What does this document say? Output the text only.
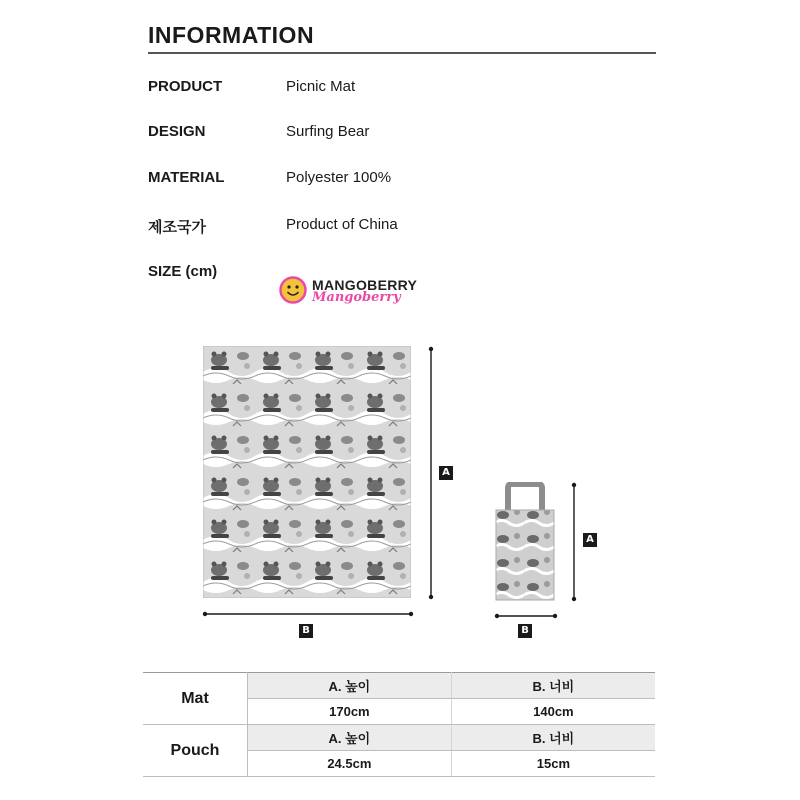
INFORMATION
PRODUCT	Picnic Mat
DESIGN	Surfing Bear
MATERIAL	Polyester 100%
제조국가	Product of China
SIZE (cm)
MANGOBERRY
Mangoberry
A
B
A
B
Mat	A. 높이	B. 너비
	170cm	140cm
Pouch	A. 높이	B. 너비
	24.5cm	15cm
